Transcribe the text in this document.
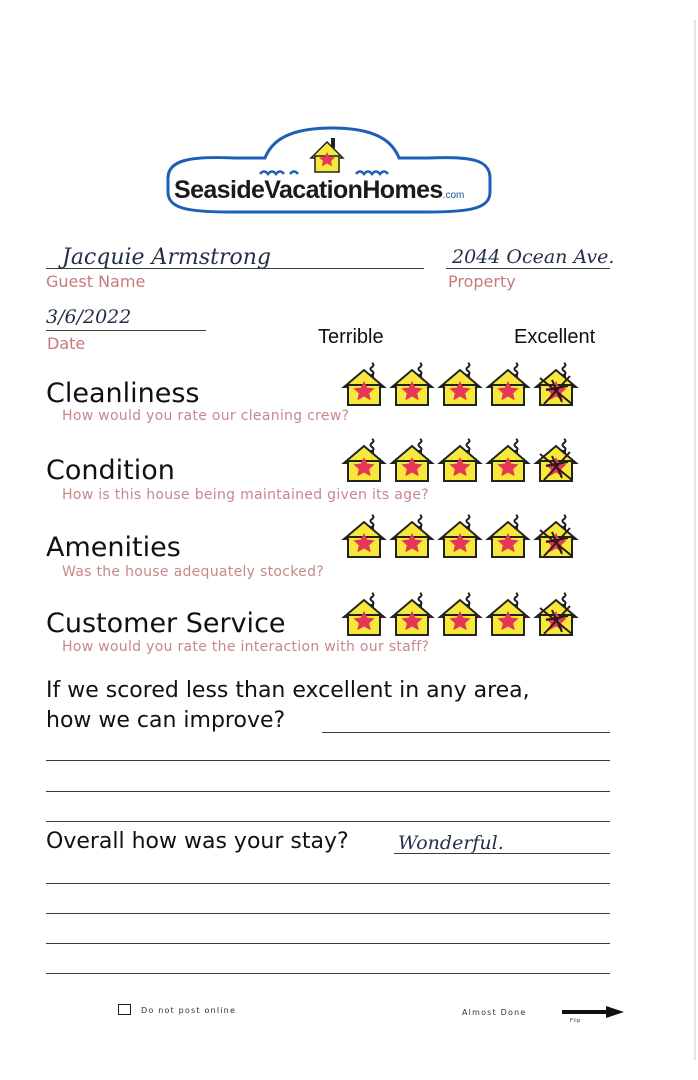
SeasideVacationHomes.com
Jacquie Armstrong
Guest Name
2044 Ocean Ave.
Property
3/6/2022
Date	Terrible	Excellent
Cleanliness
How would you rate our cleaning crew?
Condition
How is this house being maintained given its age?
Amenities
Was the house adequately stocked?
Customer Service
How would you rate the interaction with our staff?
If we scored less than excellent in any area,
how we can improve?
Overall how was your stay?	Wonderful.
Do not post online	Almost Done
Flip
